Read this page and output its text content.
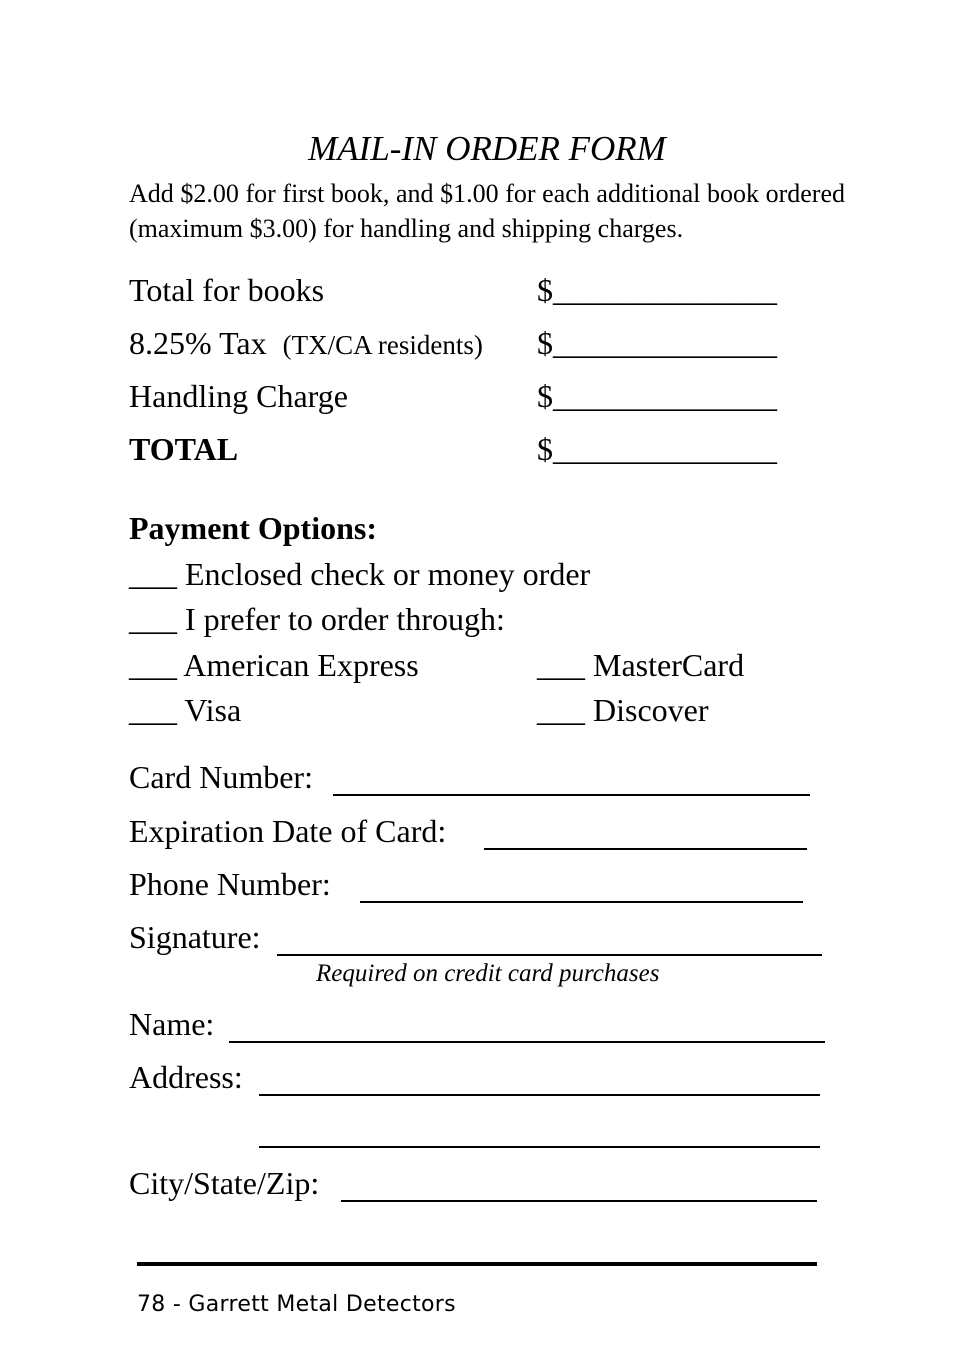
MAIL-IN ORDER FORM
Add $2.00 for first book, and $1.00 for each additional book ordered (maximum $3.00) for handling and shipping charges.
Total for books	$______________
8.25% Tax (TX/CA residents) $______________
Handling Charge	$______________
TOTAL	$______________
Payment Options:
___ Enclosed check or money order
___ I prefer to order through:
___ American Express	___ MasterCard
___ Visa	___ Discover
Card Number:
Expiration Date of Card:
Phone Number:
Signature:
Required on credit card purchases
Name:
Address:
City/State/Zip:
78 - Garrett Metal Detectors
